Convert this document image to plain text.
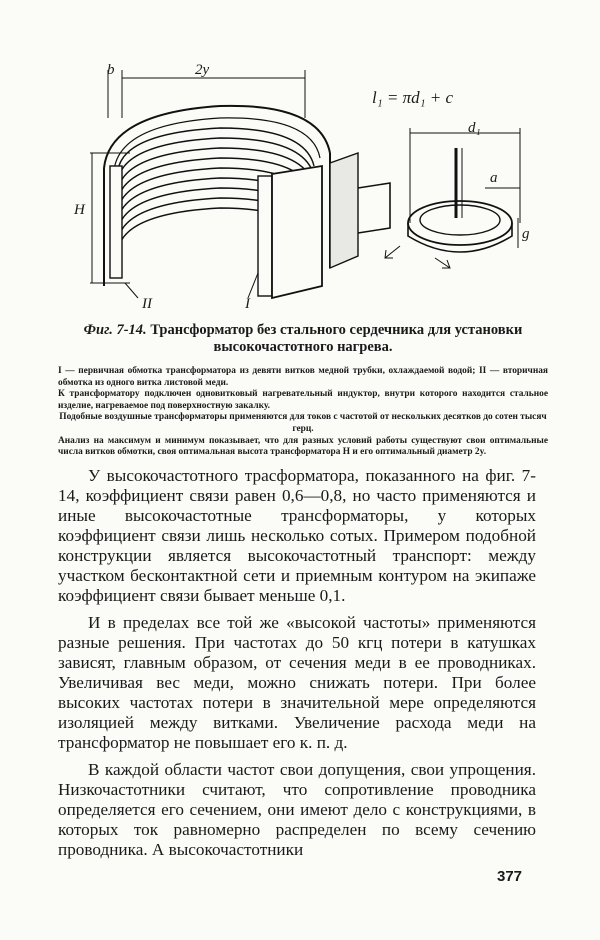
l₁ = πd₁ + c
b	2y
H
II	I
d₁
a
g
Фиг. 7-14. Трансформатор без стального сердечника для установки
высокочастотного нагрева.

I — первичная обмотка трансформатора из девяти витков медной трубки, охлаждаемой водой; II — вторичная обмотка из одного витка листовой меди.

К трансформатору подключен одновитковый нагревательный индуктор, внутри которого находится стальное изделие, нагреваемое под поверхностную закалку.

Подобные воздушные трансформаторы применяются для токов с частотой от нескольких десятков до сотен тысяч герц.

Анализ на максимум и минимум показывает, что для разных условий работы существуют свои оптимальные числа витков обмотки, своя оптимальная высота трансформатора H и его оптимальный диаметр 2y.

У высокочастотного трасформатора, показанного на фиг. 7-14, коэффициент связи равен 0,6—0,8, но часто применяются и иные высокочастотные трансформаторы, у которых коэффициент связи лишь несколько сотых. Примером подобной конструкции является высокочастотный транспорт: между участком бесконтактной сети и приемным контуром на экипаже коэффициент связи бывает меньше 0,1.

И в пределах все той же «высокой частоты» применяются разные решения. При частотах до 50 кгц потери в катушках зависят, главным образом, от сечения меди в ее проводниках. Увеличивая вес меди, можно снижать потери. При более высоких частотах потери в значительной мере определяются изоляцией между витками. Увеличение расхода меди на трансформатор не повышает его к. п. д.

В каждой области частот свои допущения, свои упрощения. Низкочастотники считают, что сопротивление проводника определяется его сечением, они имеют дело с конструкциями, в которых ток равномерно распределен по всему сечению проводника. А высокочастотники

377
